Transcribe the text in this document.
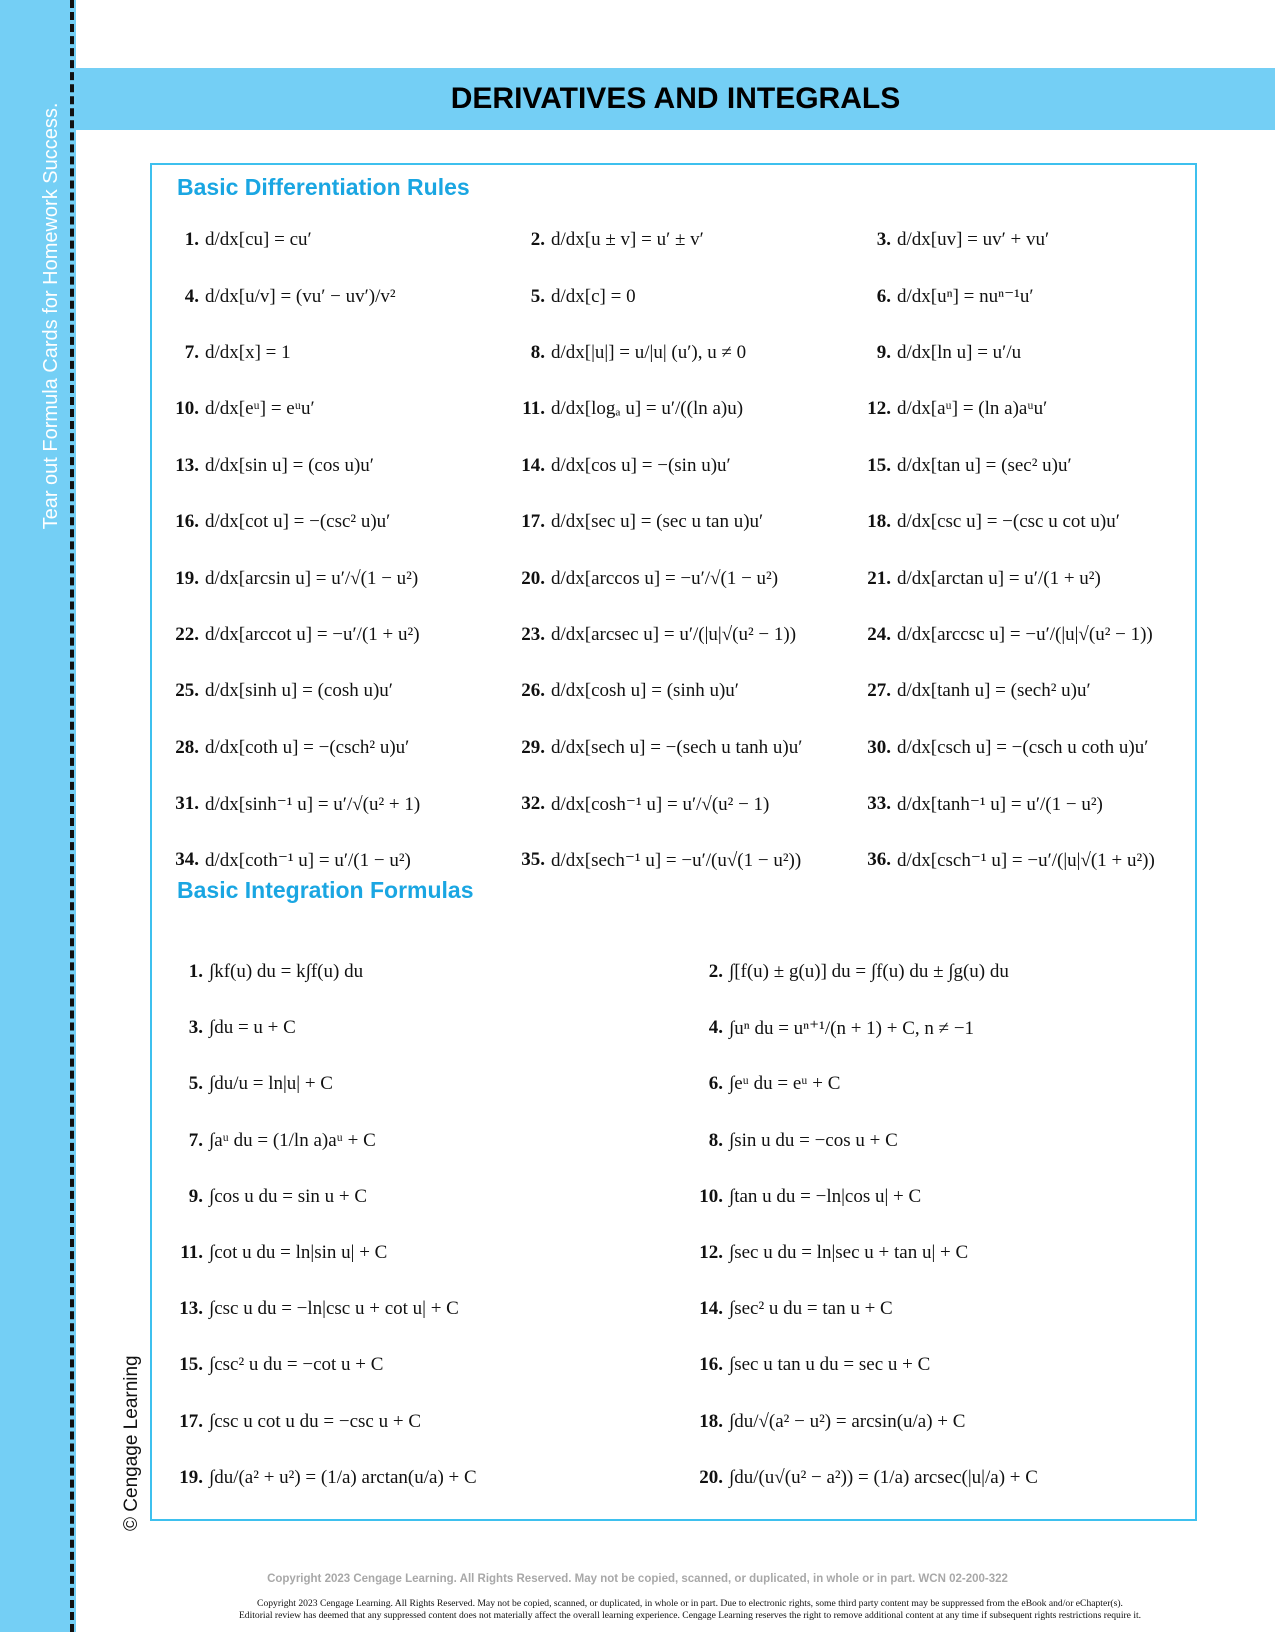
Tear out Formula Cards for Homework Success.
© Cengage Learning
DERIVATIVES AND INTEGRALS
Basic Differentiation Rules
1. d/dx[cu] = cu′	2. d/dx[u ± v] = u′ ± v′	3. d/dx[uv] = uv′ + vu′
4. d/dx[u/v] = (vu′ − uv′)/v²	5. d/dx[c] = 0	6. d/dx[uⁿ] = nuⁿ⁻¹u′
7. d/dx[x] = 1	8. d/dx[|u|] = u/|u| (u′), u ≠ 0	9. d/dx[ln u] = u′/u
10. d/dx[eᵘ] = eᵘu′	11. d/dx[logₐ u] = u′/((ln a)u)	12. d/dx[aᵘ] = (ln a)aᵘu′
13. d/dx[sin u] = (cos u)u′	14. d/dx[cos u] = −(sin u)u′	15. d/dx[tan u] = (sec² u)u′
16. d/dx[cot u] = −(csc² u)u′	17. d/dx[sec u] = (sec u tan u)u′	18. d/dx[csc u] = −(csc u cot u)u′
19. d/dx[arcsin u] = u′/√(1 − u²)	20. d/dx[arccos u] = −u′/√(1 − u²)	21. d/dx[arctan u] = u′/(1 + u²)
22. d/dx[arccot u] = −u′/(1 + u²)	23. d/dx[arcsec u] = u′/(|u|√(u² − 1))	24. d/dx[arccsc u] = −u′/(|u|√(u² − 1))
25. d/dx[sinh u] = (cosh u)u′	26. d/dx[cosh u] = (sinh u)u′	27. d/dx[tanh u] = (sech² u)u′
28. d/dx[coth u] = −(csch² u)u′	29. d/dx[sech u] = −(sech u tanh u)u′	30. d/dx[csch u] = −(csch u coth u)u′
31. d/dx[sinh⁻¹ u] = u′/√(u² + 1)	32. d/dx[cosh⁻¹ u] = u′/√(u² − 1)	33. d/dx[tanh⁻¹ u] = u′/(1 − u²)
34. d/dx[coth⁻¹ u] = u′/(1 − u²)	35. d/dx[sech⁻¹ u] = −u′/(u√(1 − u²))	36. d/dx[csch⁻¹ u] = −u′/(|u|√(1 + u²))
Basic Integration Formulas
1. ∫kf(u) du = k∫f(u) du	2. ∫[f(u) ± g(u)] du = ∫f(u) du ± ∫g(u) du
3. ∫du = u + C	4. ∫uⁿ du = uⁿ⁺¹/(n + 1) + C, n ≠ −1
5. ∫du/u = ln|u| + C	6. ∫eᵘ du = eᵘ + C
7. ∫aᵘ du = (1/ln a)aᵘ + C	8. ∫sin u du = −cos u + C
9. ∫cos u du = sin u + C	10. ∫tan u du = −ln|cos u| + C
11. ∫cot u du = ln|sin u| + C	12. ∫sec u du = ln|sec u + tan u| + C
13. ∫csc u du = −ln|csc u + cot u| + C	14. ∫sec² u du = tan u + C
15. ∫csc² u du = −cot u + C	16. ∫sec u tan u du = sec u + C
17. ∫csc u cot u du = −csc u + C	18. ∫du/√(a² − u²) = arcsin(u/a) + C
19. ∫du/(a² + u²) = (1/a) arctan(u/a) + C	20. ∫du/(u√(u² − a²)) = (1/a) arcsec(|u|/a) + C
Copyright 2023 Cengage Learning. All Rights Reserved. May not be copied, scanned, or duplicated, in whole or in part. WCN 02-200-322
Copyright 2023 Cengage Learning. All Rights Reserved. May not be copied, scanned, or duplicated, in whole or in part. Due to electronic rights, some third party content may be suppressed from the eBook and/or eChapter(s).
Editorial review has deemed that any suppressed content does not materially affect the overall learning experience. Cengage Learning reserves the right to remove additional content at any time if subsequent rights restrictions require it.
